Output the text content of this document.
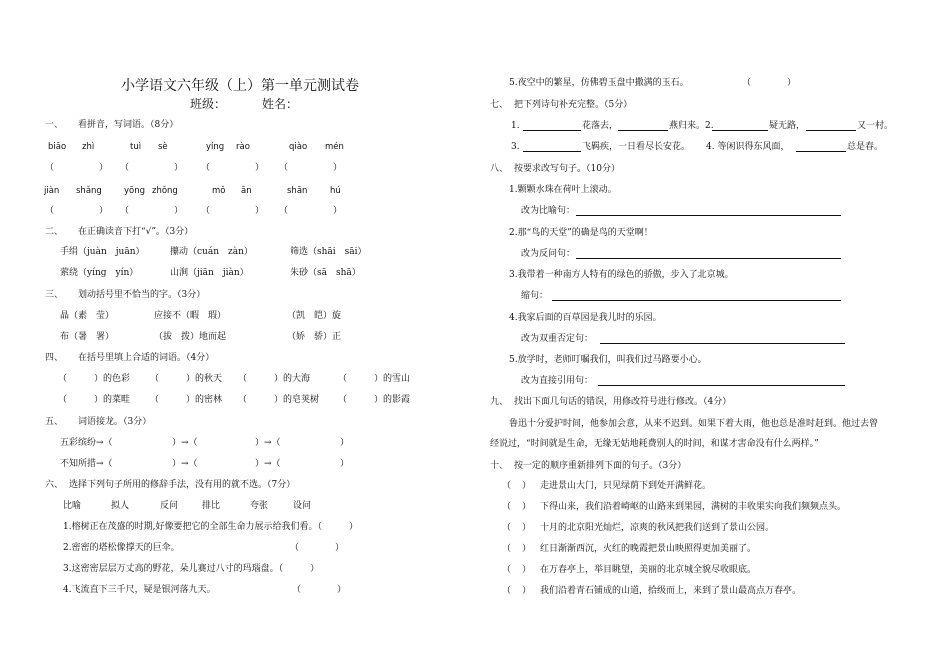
小学语文六年级（上）第一单元测试卷
班级：	姓名：
一、 看拼音，写词语。（8分）
biāo zhì	tuì sè	yíng rào	qiào mén
（　　　　　） （　　　　　） （　　　　　） （　　　　　）
jiàn shǎng	yōng zhǒng	mǒ ān	shān	hú
（　　　　　） （　　　　　） （　　　　　） （　　　　　）
二、 在正确读音下打“√”。（3分）
手绢（juàn　juān）	攥动（cuán　zàn）	筛选（shāi　sāi）
萦绕（yíng　yín）	山涧（jiān　jiàn）	朱砂（sā　shā）
三、 划动括号里不恰当的字。（3分）
晶（素　莹）	应接不（暇　瑕）	（凯　皑）旋
布（暑　署）	（拔　拨）地而起	（娇　骄）正
四、 在括号里填上合适的词语。（4分）
（　　　）的色彩 （　　　）的秋天 （　　　）的大海	（　　　）的雪山
（　　　）的菜畦 （　　　）的密林 （　　　）的皂荚树 （　　　）的影霞
五、 词语接龙。（3分）
五彩缤纷→（	）→（	）→（	）
不知所措→（	）→（	）→（	）
六、 选择下列句子所用的修辞手法，没有用的就不选。（7分）
比喻	拟人	反问	排比	夸张	设问
1.榕树正在茂盛的时期,好像要把它的全部生命力展示给我们看。（　　　）
2.密密的塔松像撑天的巨伞。	（　　　　）
3.这密密层层万丈高的野花，朵儿赛过八寸的玛瑙盘。（　　　）
4.飞流直下三千尺，疑是银河落九天。	（　　　　）
5.夜空中的繁星，仿佛碧玉盘中撒满的玉石。	（　　　　）
七、 把下列诗句补充完整。（5分）
1.	花落去，	燕归来。2.	疑无路，	又一村。
3.	飞羁疾，一日看尽长安花。 4. 等闲识得东风面，	总是春。
八、 按要求改写句子。（10分）
1.颗颗水珠在荷叶上滚动。
改为比喻句：
2.那“鸟的天堂”的确是鸟的天堂啊！
改为反问句：
3.我带着一种南方人特有的绿色的骄傲，步入了北京城。
缩句：
4.我家后面的百草园是我儿时的乐园。
改为双重否定句：
5.放学时，老师叮嘱我们，叫我们过马路要小心。
改为直接引用句：
九、 找出下面几句话的错误，用修改符号进行修改。（4分）
鲁迅十分爱护时间，他参加会意，从来不迟到。如果下着大雨，他也总是准时赶到。他过去曾
经说过，“时间就是生命，无缘无姑地耗费别人的时间，和谋才害命没有什么两样。”
十、 按一定的顺序重新排列下面的句子。（3分）
（ ） 走进景山大门，只见绿荫下到处开满鲜花。
（ ） 下得山来，我们沿着崎岖的山路来到果园，满树的丰收果实向我们频频点头。
（ ） 十月的北京阳光灿烂，凉爽的秋风把我们送到了景山公园。
（ ） 红日渐渐西沉，火红的晚霞把景山映照得更加美丽了。
（ ） 在万春亭上，举目眺望，美丽的北京城全貌尽收眼底。
（ ） 我们沿着青石铺成的山道，拾级而上，来到了景山最高点万春亭。
